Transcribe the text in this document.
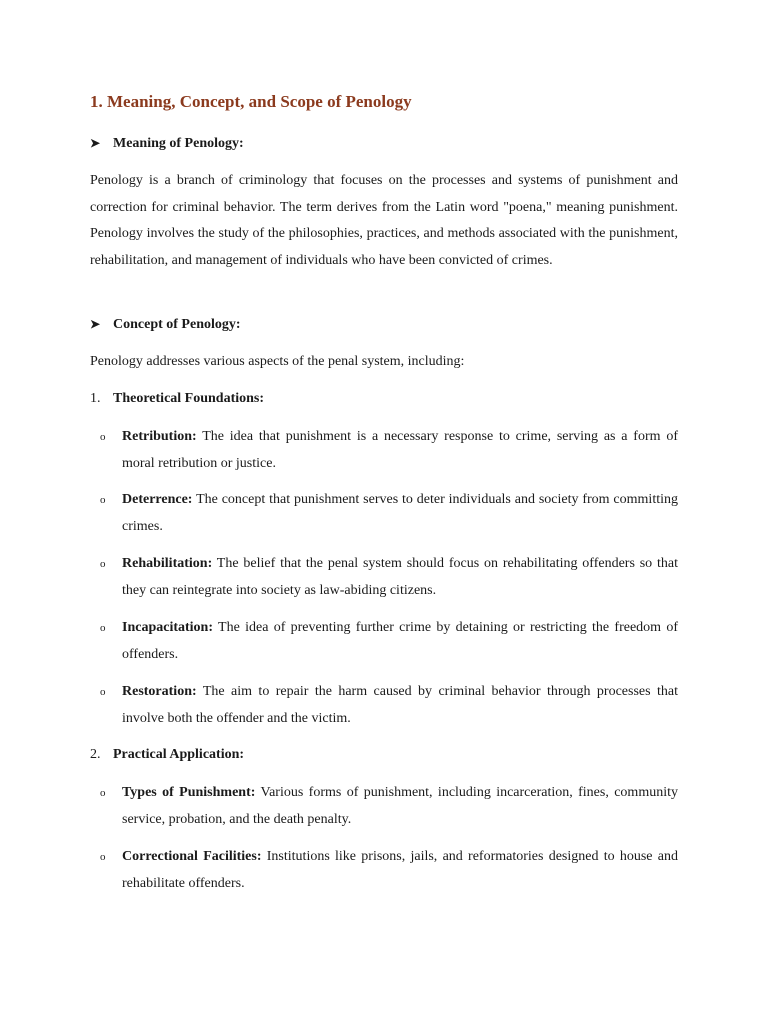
1. Meaning, Concept, and Scope of Penology
➤ Meaning of Penology:

Penology is a branch of criminology that focuses on the processes and systems of punishment and correction for criminal behavior. The term derives from the Latin word "poena," meaning punishment. Penology involves the study of the philosophies, practices, and methods associated with the punishment, rehabilitation, and management of individuals who have been convicted of crimes.

➤ Concept of Penology:

Penology addresses various aspects of the penal system, including:

1. Theoretical Foundations:
o Retribution: The idea that punishment is a necessary response to crime, serving as a form of moral retribution or justice.
o Deterrence: The concept that punishment serves to deter individuals and society from committing crimes.
o Rehabilitation: The belief that the penal system should focus on rehabilitating offenders so that they can reintegrate into society as law-abiding citizens.
o Incapacitation: The idea of preventing further crime by detaining or restricting the freedom of offenders.
o Restoration: The aim to repair the harm caused by criminal behavior through processes that involve both the offender and the victim.
2. Practical Application:
o Types of Punishment: Various forms of punishment, including incarceration, fines, community service, probation, and the death penalty.
o Correctional Facilities: Institutions like prisons, jails, and reformatories designed to house and rehabilitate offenders.
